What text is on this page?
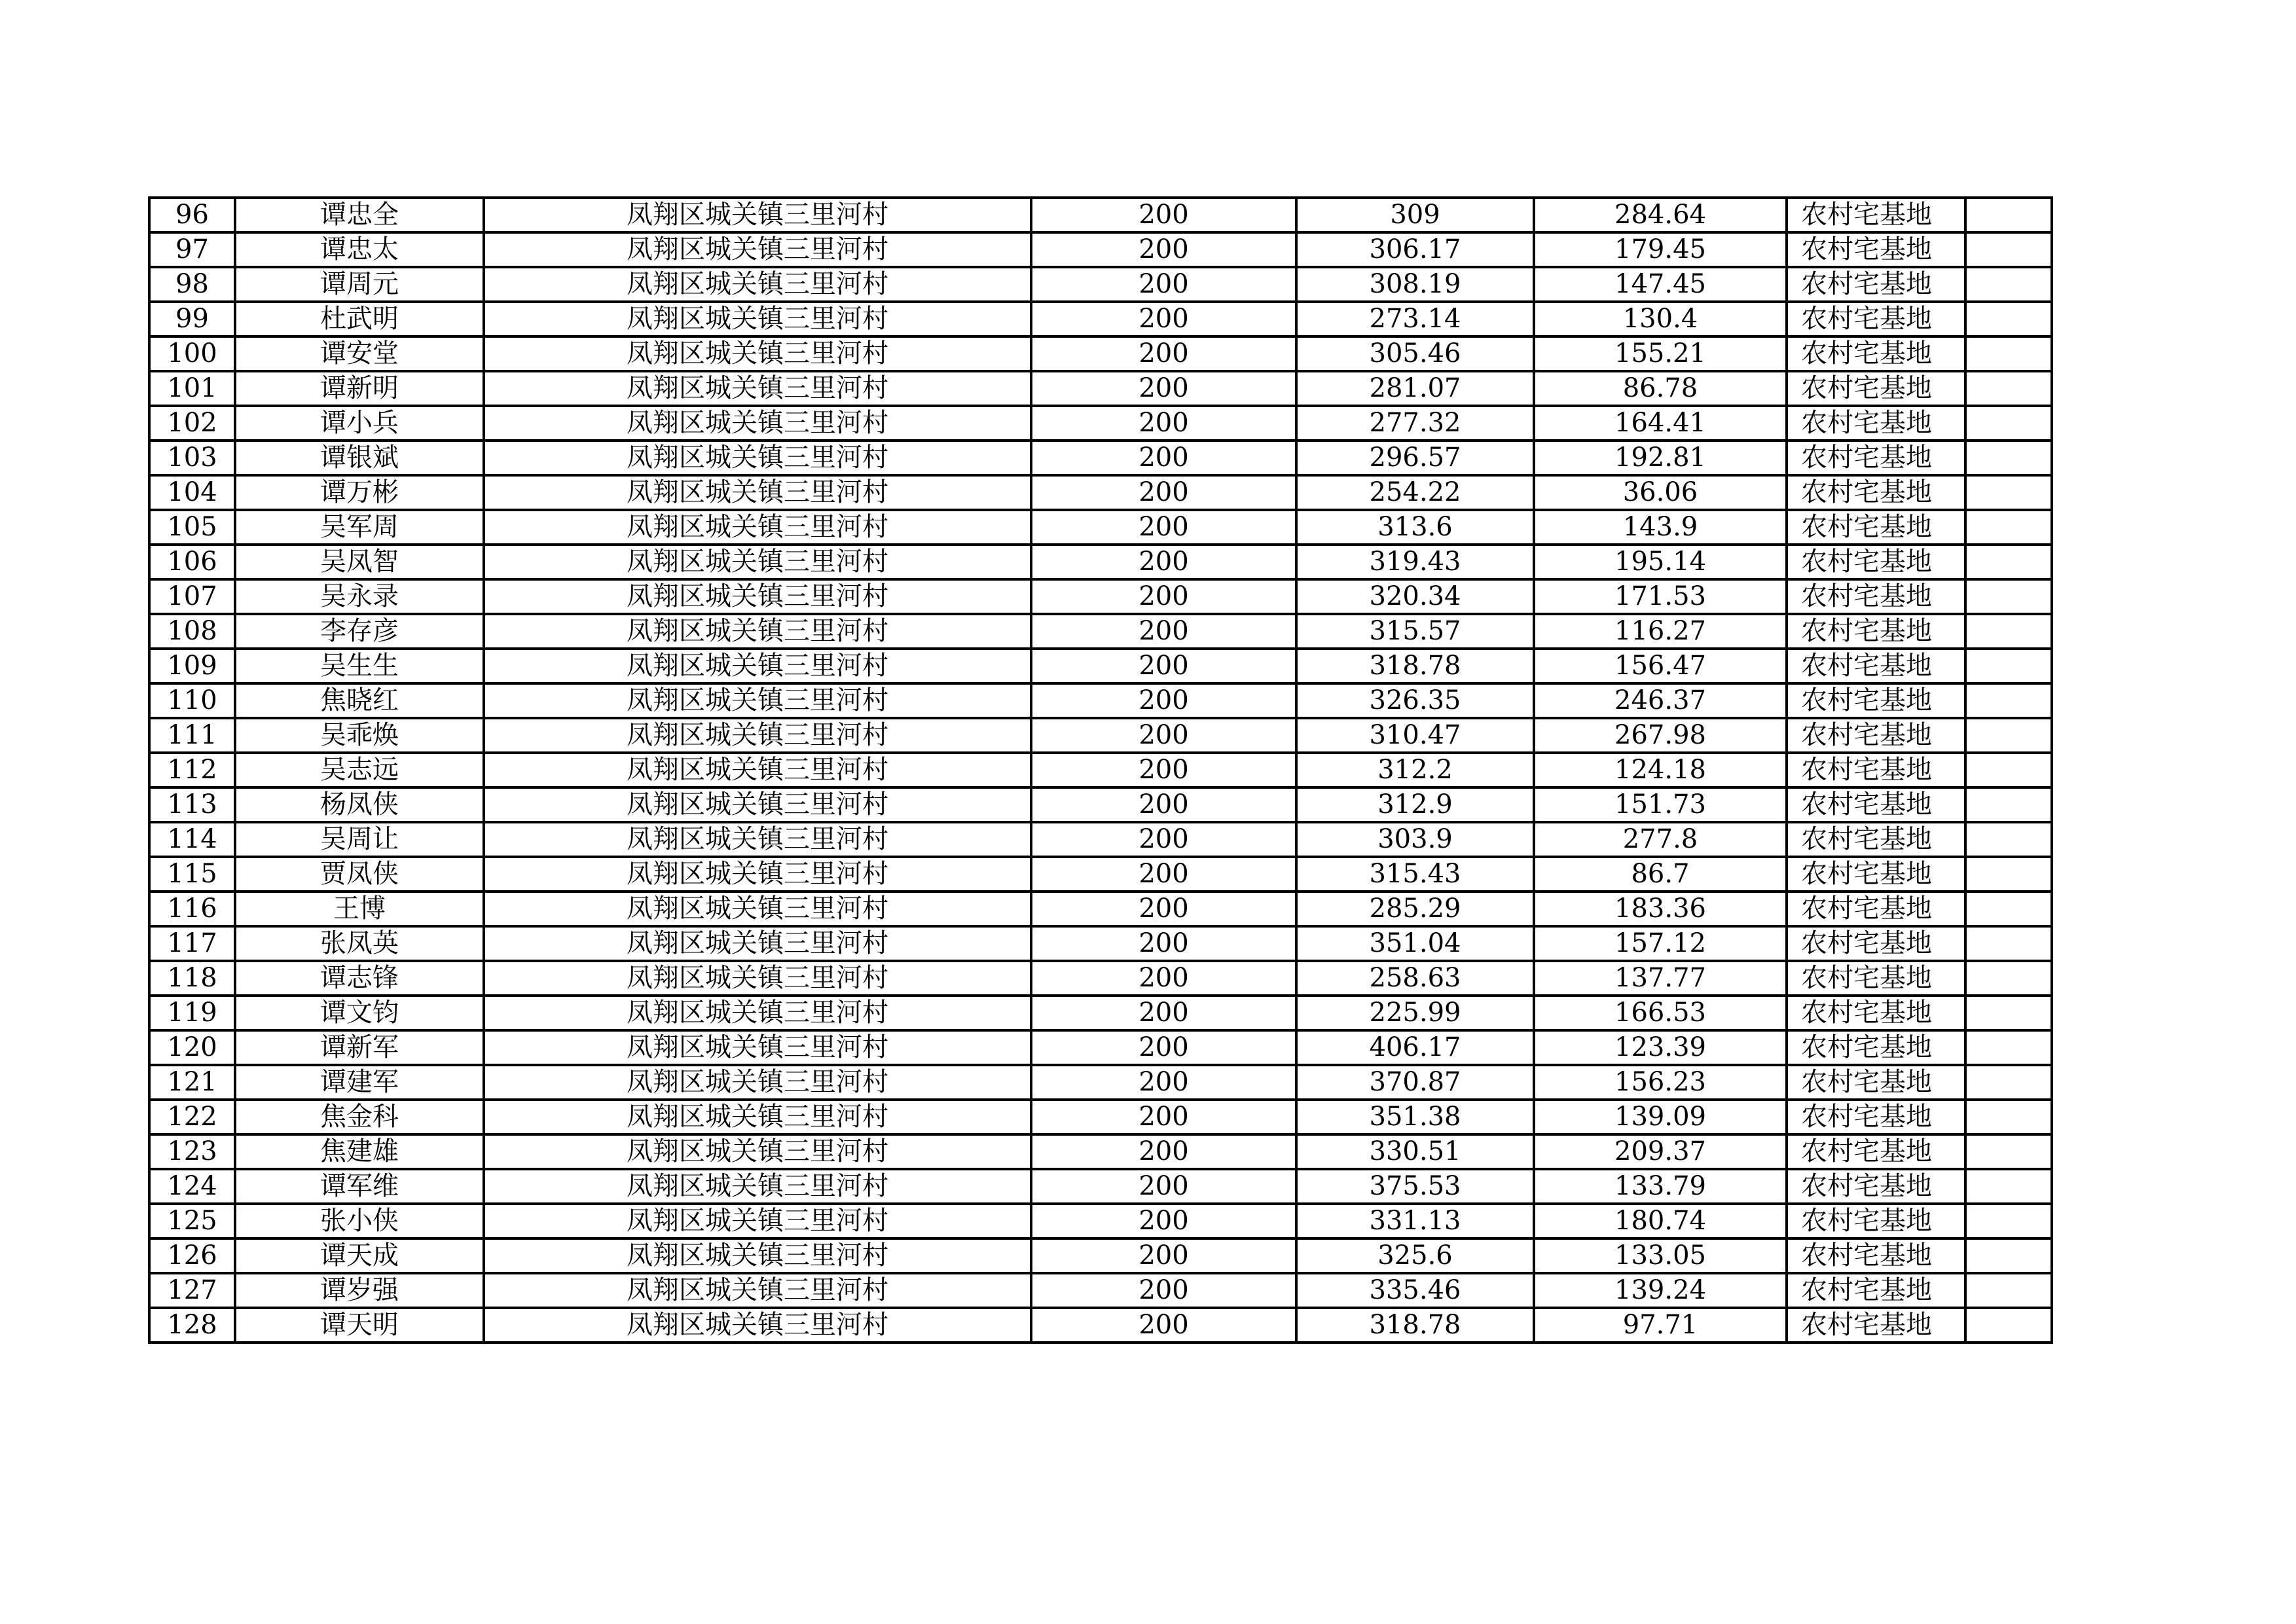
96	谭忠全	凤翔区城关镇三里河村	200	309	284.64	农村宅基地	
97	谭忠太	凤翔区城关镇三里河村	200	306.17	179.45	农村宅基地	
98	谭周元	凤翔区城关镇三里河村	200	308.19	147.45	农村宅基地	
99	杜武明	凤翔区城关镇三里河村	200	273.14	130.4	农村宅基地	
100	谭安堂	凤翔区城关镇三里河村	200	305.46	155.21	农村宅基地	
101	谭新明	凤翔区城关镇三里河村	200	281.07	86.78	农村宅基地	
102	谭小兵	凤翔区城关镇三里河村	200	277.32	164.41	农村宅基地	
103	谭银斌	凤翔区城关镇三里河村	200	296.57	192.81	农村宅基地	
104	谭万彬	凤翔区城关镇三里河村	200	254.22	36.06	农村宅基地	
105	吴军周	凤翔区城关镇三里河村	200	313.6	143.9	农村宅基地	
106	吴凤智	凤翔区城关镇三里河村	200	319.43	195.14	农村宅基地	
107	吴永录	凤翔区城关镇三里河村	200	320.34	171.53	农村宅基地	
108	李存彦	凤翔区城关镇三里河村	200	315.57	116.27	农村宅基地	
109	吴生生	凤翔区城关镇三里河村	200	318.78	156.47	农村宅基地	
110	焦晓红	凤翔区城关镇三里河村	200	326.35	246.37	农村宅基地	
111	吴乖焕	凤翔区城关镇三里河村	200	310.47	267.98	农村宅基地	
112	吴志远	凤翔区城关镇三里河村	200	312.2	124.18	农村宅基地	
113	杨凤侠	凤翔区城关镇三里河村	200	312.9	151.73	农村宅基地	
114	吴周让	凤翔区城关镇三里河村	200	303.9	277.8	农村宅基地	
115	贾凤侠	凤翔区城关镇三里河村	200	315.43	86.7	农村宅基地	
116	王博	凤翔区城关镇三里河村	200	285.29	183.36	农村宅基地	
117	张凤英	凤翔区城关镇三里河村	200	351.04	157.12	农村宅基地	
118	谭志锋	凤翔区城关镇三里河村	200	258.63	137.77	农村宅基地	
119	谭文钧	凤翔区城关镇三里河村	200	225.99	166.53	农村宅基地	
120	谭新军	凤翔区城关镇三里河村	200	406.17	123.39	农村宅基地	
121	谭建军	凤翔区城关镇三里河村	200	370.87	156.23	农村宅基地	
122	焦金科	凤翔区城关镇三里河村	200	351.38	139.09	农村宅基地	
123	焦建雄	凤翔区城关镇三里河村	200	330.51	209.37	农村宅基地	
124	谭军维	凤翔区城关镇三里河村	200	375.53	133.79	农村宅基地	
125	张小侠	凤翔区城关镇三里河村	200	331.13	180.74	农村宅基地	
126	谭天成	凤翔区城关镇三里河村	200	325.6	133.05	农村宅基地	
127	谭岁强	凤翔区城关镇三里河村	200	335.46	139.24	农村宅基地	
128	谭天明	凤翔区城关镇三里河村	200	318.78	97.71	农村宅基地	
